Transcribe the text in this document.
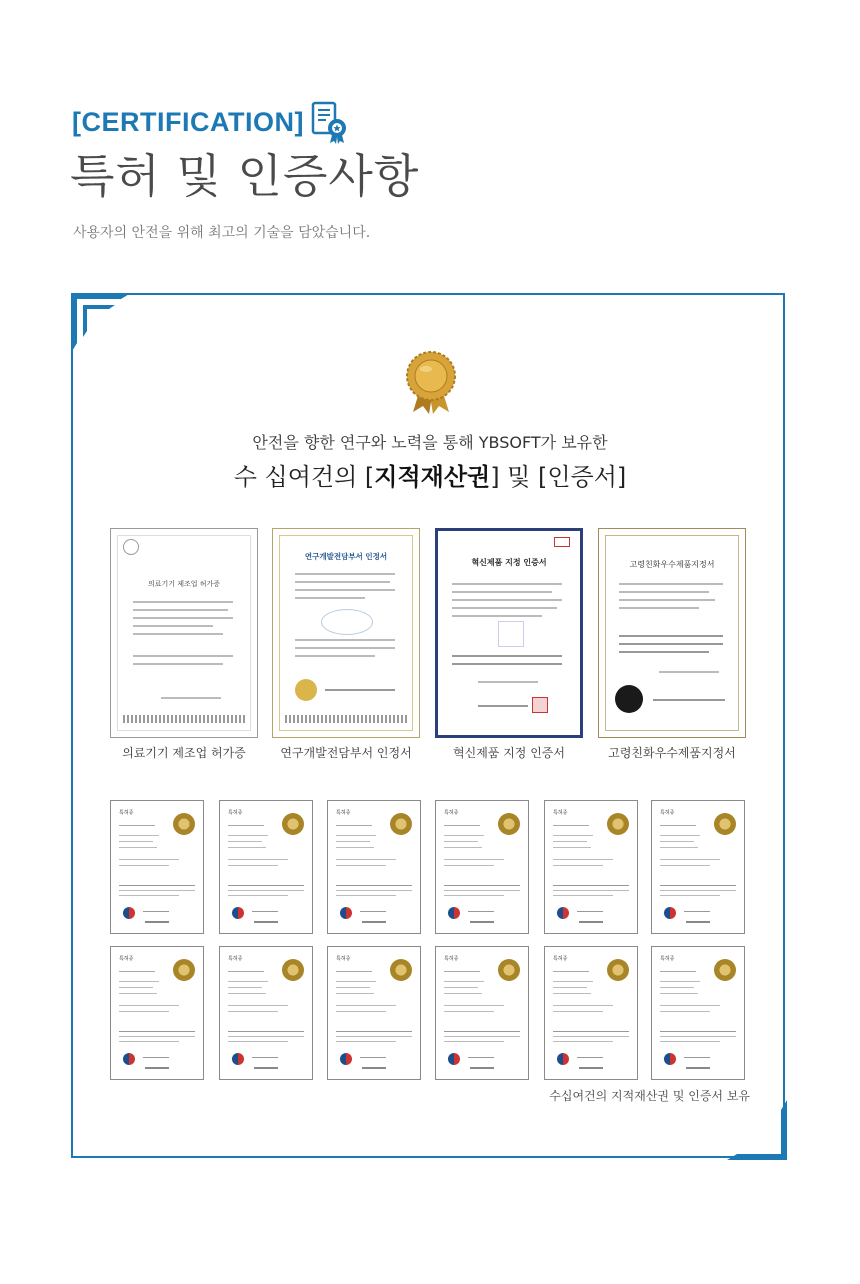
[CERTIFICATION]
특허 및 인증사항
사용자의 안전을 위해 최고의 기술을 담았습니다.
안전을 향한 연구와 노력을 통해 YBSOFT가 보유한
수 십여건의 [지적재산권] 및 [인증서]
의료기기 제조업 허가증
의료기기 제조업 허가증
연구개발전담부서 인정서
연구개발전담부서 인정서
혁신제품 지정 인증서
혁신제품 지정 인증서
고령친화우수제품지정서
고령친화우수제품지정서
특허증	특허증	특허증	특허증	특허증	특허증
특허증	특허증	특허증	특허증	특허증	특허증
수십여건의 지적재산권 및 인증서 보유
